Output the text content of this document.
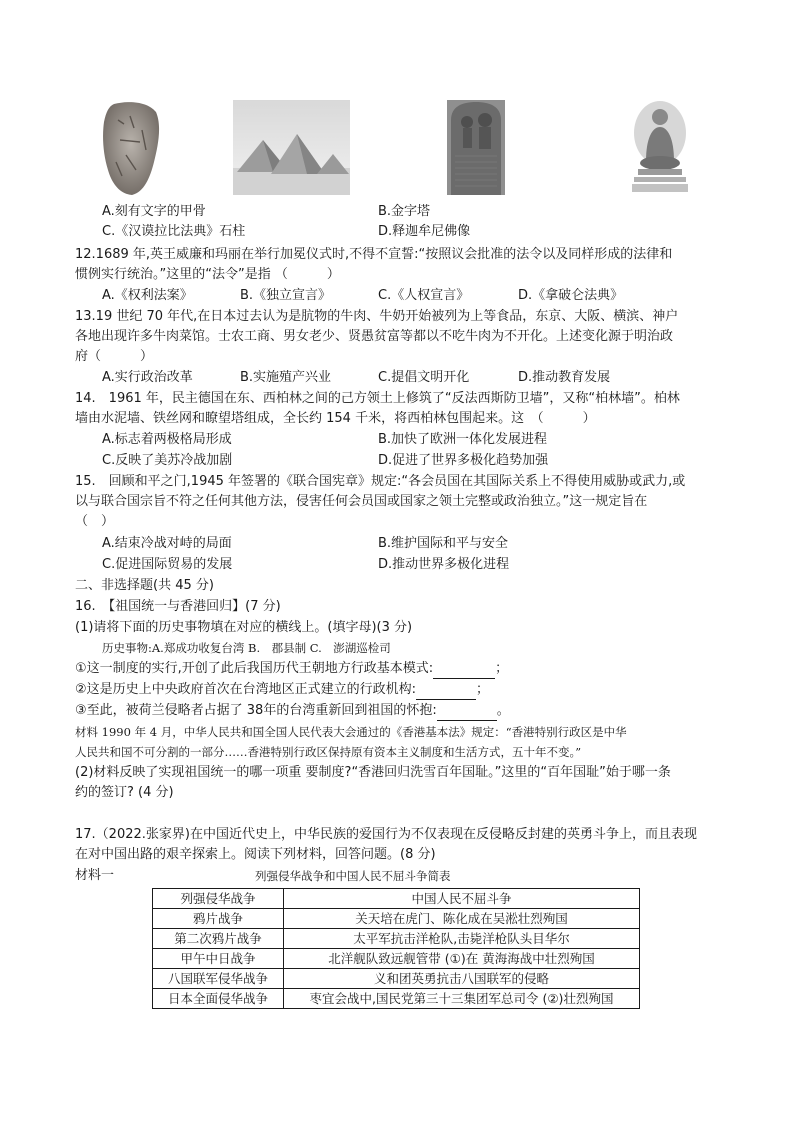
A.刻有文字的甲骨	B.金字塔
C.《汉谟拉比法典》石柱	D.释迦牟尼佛像
12.1689 年,英王威廉和玛丽在举行加冕仪式时,不得不宣誓:“按照议会批准的法令以及同样形成的法律和
惯例实行统治。”这里的“法令”是指 （　　　）
A.《权利法案》	B.《独立宣言》	C.《人权宣言》	D.《拿破仑法典》
13.19 世纪 70 年代,在日本过去认为是肮物的牛肉、牛奶开始被列为上等食品，东京、大阪、横滨、神户
各地出现许多牛肉菜馆。士农工商、男女老少、贤愚贫富等都以不吃牛肉为不开化。上述变化源于明治政
府（　　　）
A.实行政治改革	B.实施殖产兴业	C.提倡文明开化	D.推动教育发展
14.　1961 年，民主德国在东、西柏林之间的己方领土上修筑了“反法西斯防卫墙”，又称“柏林墙”。柏林
墙由水泥墙、铁丝网和瞭望塔组成，全长约 154 千米，将西柏林包围起来。这　（　　　）
A.标志着两极格局形成	B.加快了欧洲一体化发展进程
C.反映了美苏冷战加剧	D.促进了世界多极化趋势加强
15.　回顾和平之门,1945 年签署的《联合国宪章》规定:“各会员国在其国际关系上不得使用威胁或武力,或
以与联合国宗旨不符之任何其他方法，侵害任何会员国或国家之领土完整或政治独立。”这一规定旨在
（　）
A.结束冷战对峙的局面	B.维护国际和平与安全
C.促进国际贸易的发展	D.推动世界多极化进程
二、非选择题(共 45 分)
16.　【祖国统一与香港回归】(7 分)
(1)请将下面的历史事物填在对应的横线上。(填字母)(3 分)
历史事物:A.郑成功收复台湾 B.　郡县制 C.　澎湖巡检司
①这一制度的实行,开创了此后我国历代王朝地方行政基本模式:	；
②这是历史上中央政府首次在台湾地区正式建立的行政机构:	；
③至此，被荷兰侵略者占据了 38年的台湾重新回到祖国的怀抱:	。
材料 1990 年 4 月，中华人民共和国全国人民代表大会通过的《香港基本法》规定：“香港特别行政区是中华
人民共和国不可分割的一部分……香港特别行政区保持原有资本主义制度和生活方式，五十年不变。”
(2)材料反映了实现祖国统一的哪一项重 要制度?“香港回归洗雪百年国耻。”这里的“百年国耻”始于哪一条
约的签订? (4 分)
17.（2022.张家界)在中国近代史上，中华民族的爱国行为不仅表现在反侵略反封建的英勇斗争上，而且表现
在对中国出路的艰辛探索上。阅读下列材料，回答问题。(8 分)
材料一	列强侵华战争和中国人民不屈斗争简表
列强侵华战争	中国人民不屈斗争
鸦片战争	关天培在虎门、陈化成在吴淞壮烈殉国
第二次鸦片战争	太平军抗击洋枪队,击毙洋枪队头目华尔
甲午中日战争	北洋舰队致远舰管带 (①)在 黄海海战中壮烈殉国
八国联军侵华战争	义和团英勇抗击八国联军的侵略
日本全面侵华战争	枣宜会战中,国民党第三十三集团军总司令 (②)壮烈殉国
